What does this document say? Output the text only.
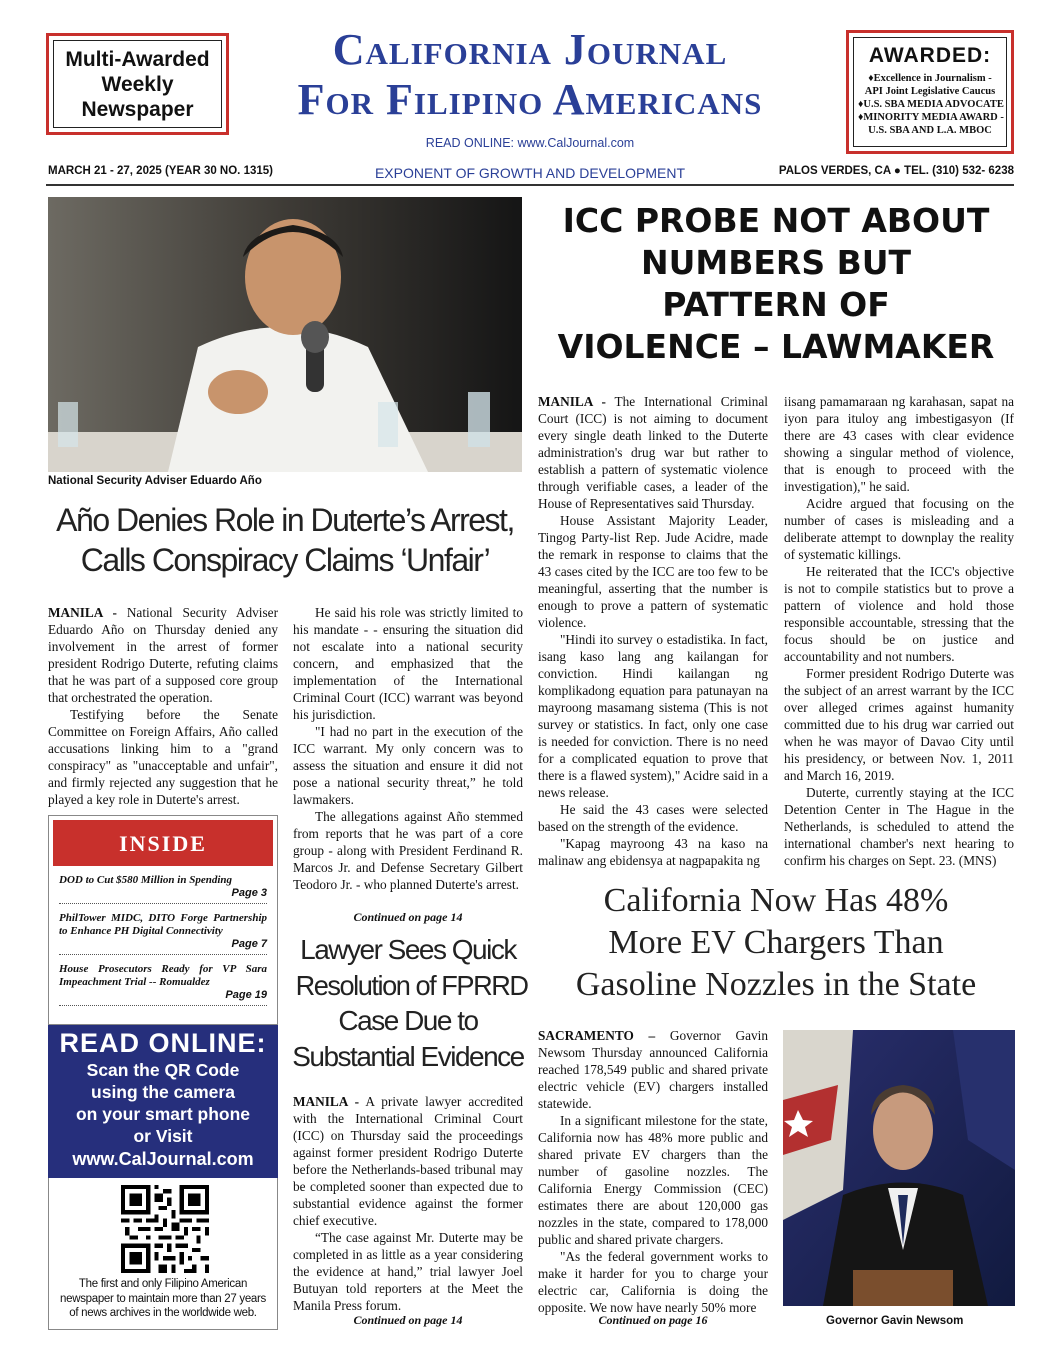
Multi-Awarded
Weekly
Newspaper
California Journal
For Filipino Americans
READ ONLINE: www.CalJournal.com
AWARDED:
♦Excellence in Journalism -
API Joint Legislative Caucus
♦U.S. SBA MEDIA ADVOCATE
♦MINORITY MEDIA AWARD -
U.S. SBA AND L.A. MBOC
MARCH 21 - 27, 2025 (YEAR 30 NO. 1315)	EXPONENT OF GROWTH AND DEVELOPMENT	PALOS VERDES, CA ● TEL. (310) 532- 6238
National Security Adviser Eduardo Año
ICC PROBE NOT ABOUT
NUMBERS BUT
PATTERN OF
VIOLENCE – LAWMAKER

MANILA - The International Criminal Court (ICC) is not aiming to document every single death linked to the Duterte administration's drug war but rather to establish a pattern of systematic violence through verifiable cases, a leader of the House of Representatives said Thursday.

House Assistant Majority Leader, Tingog Party-list Rep. Jude Acidre, made the remark in response to claims that the 43 cases cited by the ICC are too few to be meaningful, asserting that the number is enough to prove a pattern of systematic violence.

"Hindi ito survey o estadistika. In fact, isang kaso lang ang kailangan for conviction. Hindi kailangan ng komplikadong equation para patunayan na mayroong masamang sistema (This is not survey or statistics. In fact, only one case is needed for conviction. There is no need for a complicated equation to prove that there is a flawed system)," Acidre said in a news release.

He said the 43 cases were selected based on the strength of the evidence.

"Kapag mayroong 43 na kaso na malinaw ang ebidensya at nagpapakita ng

iisang pamamaraan ng karahasan, sapat na iyon para ituloy ang imbestigasyon (If there are 43 cases with clear evidence showing a singular method of violence, that is enough to proceed with the investigation)," he said.

Acidre argued that focusing on the number of cases is misleading and a deliberate attempt to downplay the reality of systematic killings.

He reiterated that the ICC's objective is not to compile statistics but to prove a pattern of violence and hold those responsible accountable, stressing that the focus should be on justice and accountability and not numbers.

Former president Rodrigo Duterte was the subject of an arrest warrant by the ICC over alleged crimes against humanity committed due to his drug war carried out when he was mayor of Davao City until his presidency, or between Nov. 1, 2011 and March 16, 2019.

Duterte, currently staying at the ICC Detention Center in The Hague in the Netherlands, is scheduled to attend the international chamber's next hearing to confirm his charges on Sept. 23. (MNS)

Año Denies Role in Duterte’s Arrest,
Calls Conspiracy Claims ‘Unfair’

MANILA - National Security Adviser Eduardo Año on Thursday denied any involvement in the arrest of former president Rodrigo Duterte, refuting claims that he was part of a supposed core group that orchestrated the operation.

Testifying before the Senate Committee on Foreign Affairs, Año called accusations linking him to a "grand conspiracy" as "unacceptable and unfair", and firmly rejected any suggestion that he played a key role in Duterte's arrest.

He said his role was strictly limited to his mandate - - ensuring the situation did not escalate into a national security concern, and emphasized that the implementation of the International Criminal Court (ICC) warrant was beyond his jurisdiction.

"I had no part in the execution of the ICC warrant. My only concern was to assess the situation and ensure it did not pose a national security threat,” he told lawmakers.

The allegations against Año stemmed from reports that he was part of a core group - along with President Ferdinand R. Marcos Jr. and Defense Secretary Gilbert Teodoro Jr. - who planned Duterte's arrest.

Continued on page 14
INSIDE
DOD to Cut $580 Million in Spending
Page 3
PhilTower MIDC, DITO Forge Partnership to Enhance PH Digital Connectivity
Page 7
House Prosecutors Ready for VP Sara Impeachment Trial -- Romualdez
Page 19
READ ONLINE:
Scan the QR Code
using the camera
on your smart phone
or Visit
www.CalJournal.com
The first and only Filipino American newspaper to maintain more than 27 years of news archives in the worldwide web.
Lawyer Sees Quick
Resolution of FPRRD
Case Due to
Substantial Evidence

MANILA - A private lawyer accredited with the International Criminal Court (ICC) on Thursday said the proceedings against former president Rodrigo Duterte before the Netherlands-based tribunal may be completed sooner than expected due to substantial evidence against the former chief executive.

“The case against Mr. Duterte may be completed in as little as a year considering the evidence at hand,” trial lawyer Joel Butuyan told reporters at the Meet the Manila Press forum.

Continued on page 14
California Now Has 48%
More EV Chargers Than
Gasoline Nozzles in the State

SACRAMENTO – Governor Gavin Newsom Thursday announced California reached 178,549 public and shared private electric vehicle (EV) chargers installed statewide.

In a significant milestone for the state, California now has 48% more public and shared private EV chargers than the number of gasoline nozzles. The California Energy Commission (CEC) estimates there are about 120,000 gas nozzles in the state, compared to 178,000 public and shared private chargers.

"As the federal government works to make it harder for you to charge your electric car, California is doing the opposite. We now have nearly 50% more

Continued on page 16	Governor Gavin Newsom
